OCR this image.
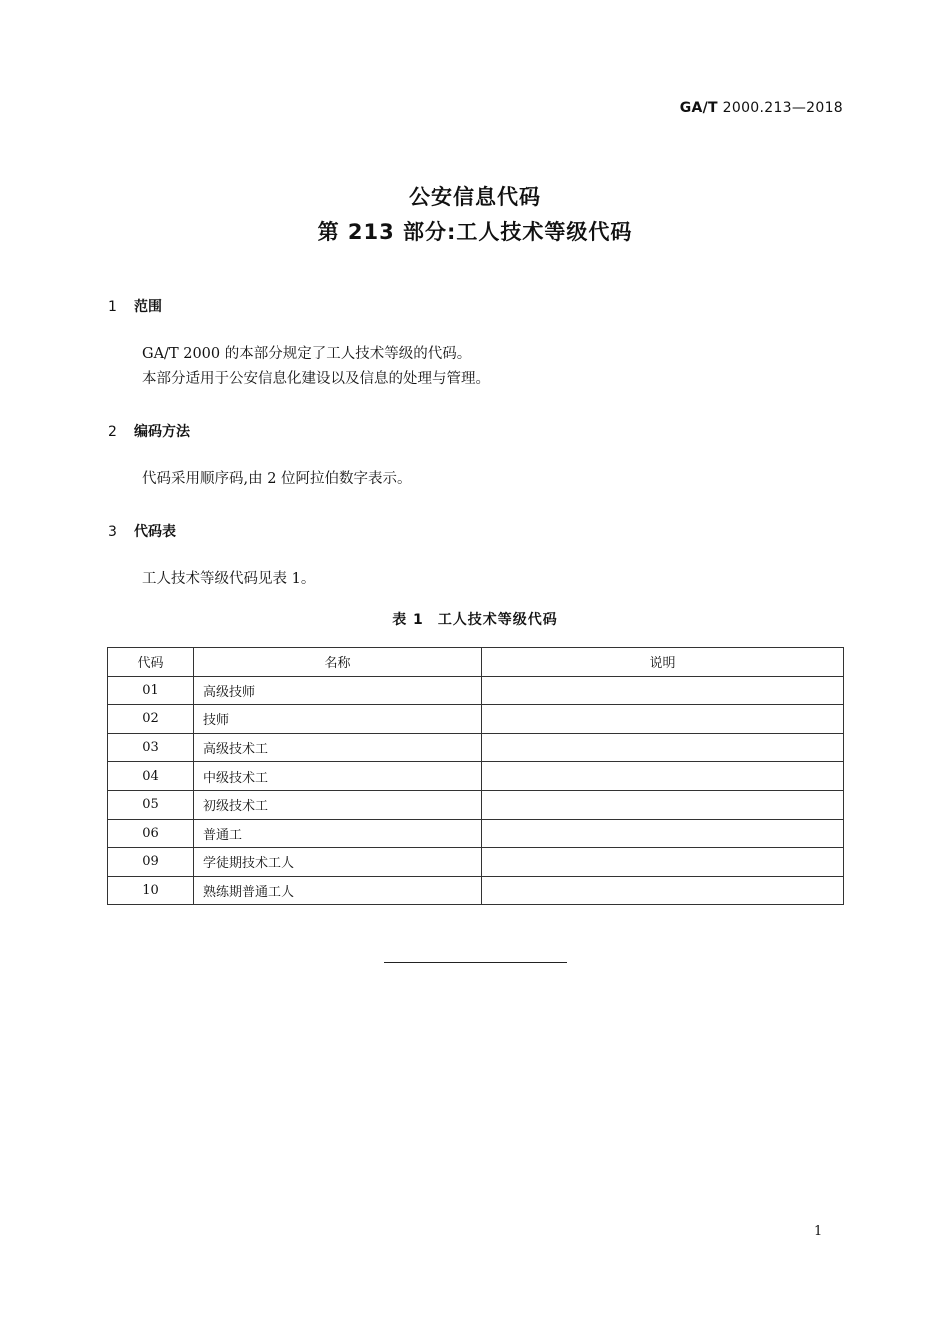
GA/T 2000.213—2018
公安信息代码
第 213 部分:工人技术等级代码
1 范围
GA/T 2000 的本部分规定了工人技术等级的代码。
本部分适用于公安信息化建设以及信息的处理与管理。
2 编码方法
代码采用顺序码,由 2 位阿拉伯数字表示。
3 代码表
工人技术等级代码见表 1。
表 1 工人技术等级代码
代码	名称	说明
01	高级技师	
02	技师	
03	高级技术工	
04	中级技术工	
05	初级技术工	
06	普通工	
09	学徒期技术工人	
10	熟练期普通工人	
1
